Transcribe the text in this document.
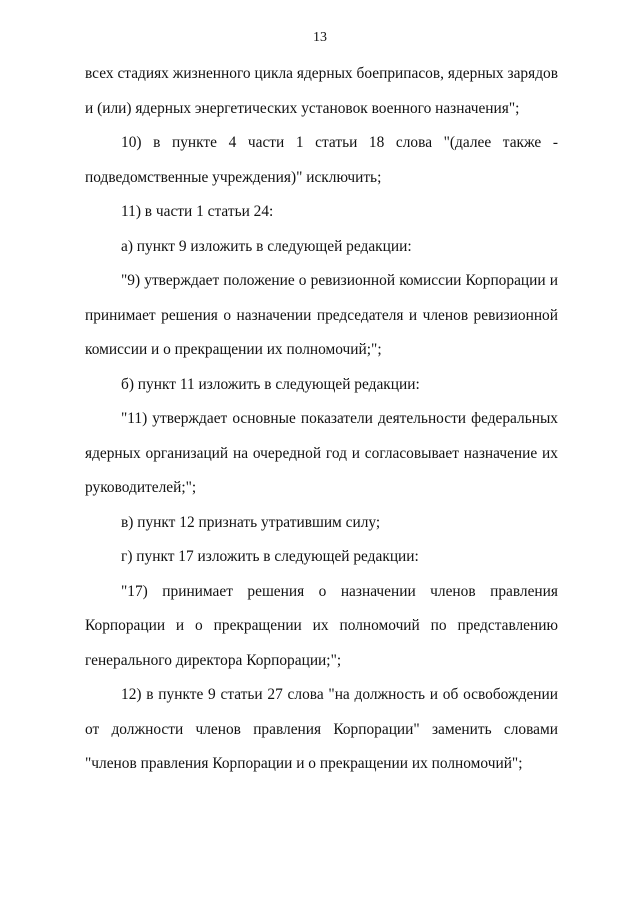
13

всех стадиях жизненного цикла ядерных боеприпасов, ядерных зарядов и (или) ядерных энергетических установок военного назначения";

10) в пункте 4 части 1 статьи 18 слова "(далее также - подведомственные учреждения)" исключить;

11) в части 1 статьи 24:

а) пункт 9 изложить в следующей редакции:

"9) утверждает положение о ревизионной комиссии Корпорации и принимает решения о назначении председателя и членов ревизионной комиссии и о прекращении их полномочий;";

б) пункт 11 изложить в следующей редакции:

"11) утверждает основные показатели деятельности федеральных ядерных организаций на очередной год и согласовывает назначение их руководителей;";

в) пункт 12 признать утратившим силу;

г) пункт 17 изложить в следующей редакции:

"17) принимает решения о назначении членов правления Корпорации и о прекращении их полномочий по представлению генерального директора Корпорации;";

12) в пункте 9 статьи 27 слова "на должность и об освобождении от должности членов правления Корпорации" заменить словами "членов правления Корпорации и о прекращении их полномочий";
